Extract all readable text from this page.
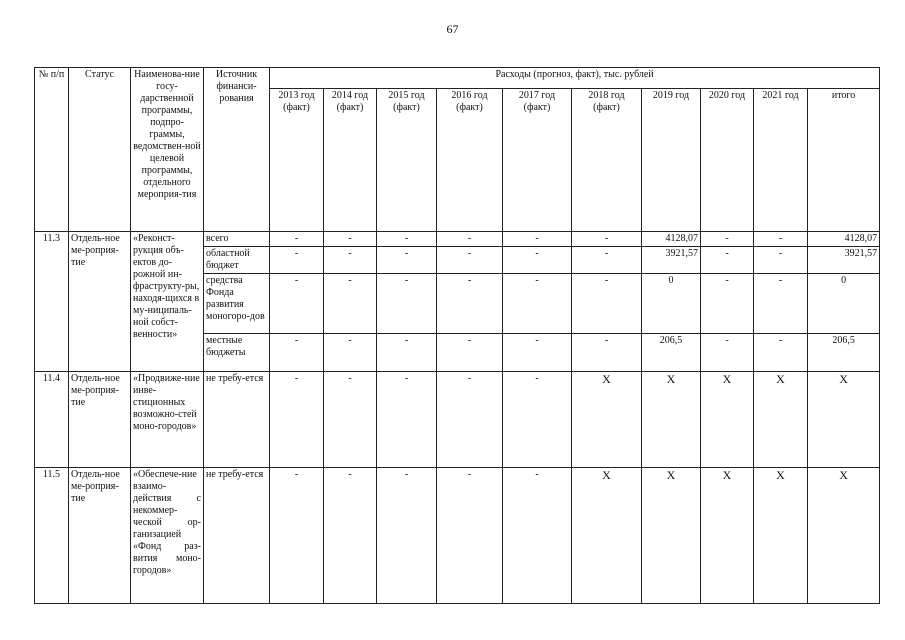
67
№ п/п	Статус	Наименова-ние госу-дарственной программы, подпро-граммы, ведомствен-ной целевой программы, отдельного мероприя-тия	Источник финанси-рования	Расходы (прогноз, факт), тыс. рублей									
				2013 год (факт)	2014 год (факт)	2015 год (факт)	2016 год (факт)	2017 год (факт)	2018 год (факт)	2019 год	2020 год	2021 год	итого
11.3	Отдель-ное ме-роприя-тие	«Реконст-рукция объ-ектов до-рожной ин-фраструкту-ры, находя-щихся в му-ниципаль-ной собст-венности»	всего	-	-	-	-	-	-	4128,07	-	-	4128,07
			областной бюджет	-	-	-	-	-	-	3921,57	-	-	3921,57
			средства Фонда развития моногоро-дов	-	-	-	-	-	-	0	-	-	0
			местные бюджеты	-	-	-	-	-	-	206,5	-	-	206,5
11.4	Отдель-ное ме-роприя-тие	«Продвиже-ние инве-стиционных возможно-стей моно-городов»	не требу-ется	-	-	-	-	-	X	X	X	X	X
11.5	Отдель-ное ме-роприя-тие	«Обеспече-ние взаимо-действия с некоммер-ческой ор-ганизацией «Фонд раз-вития моно-городов»	не требу-ется	-	-	-	-	-	X	X	X	X	X
